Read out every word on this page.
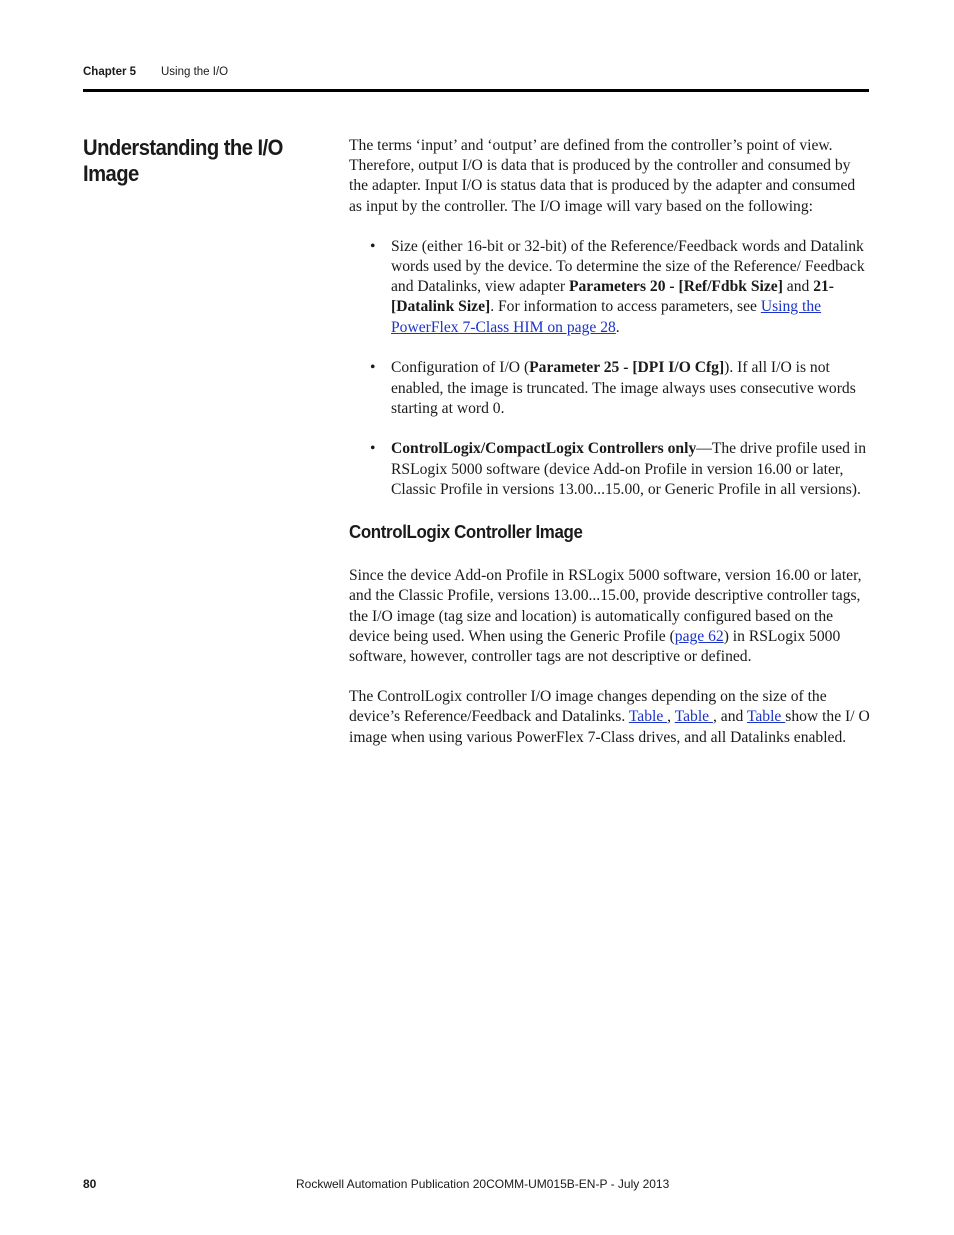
Chapter 5 Using the I/O
Understanding the I/O Image

The terms ‘input’ and ‘output’ are defined from the controller’s point of view. Therefore, output I/O is data that is produced by the controller and consumed by the adapter. Input I/O is status data that is produced by the adapter and consumed as input by the controller. The I/O image will vary based on the following:

• Size (either 16-bit or 32-bit) of the Reference/Feedback words and Datalink words used by the device. To determine the size of the Reference/ Feedback and Datalinks, view adapter Parameters 20 - [Ref/Fdbk Size] and 21- [Datalink Size]. For information to access parameters, see Using the PowerFlex 7-Class HIM on page 28.
• Configuration of I/O (Parameter 25 - [DPI I/O Cfg]). If all I/O is not enabled, the image is truncated. The image always uses consecutive words starting at word 0.
• ControlLogix/CompactLogix Controllers only—The drive profile used in RSLogix 5000 software (device Add-on Profile in version 16.00 or later, Classic Profile in versions 13.00...15.00, or Generic Profile in all versions).
ControlLogix Controller Image

Since the device Add-on Profile in RSLogix 5000 software, version 16.00 or later, and the Classic Profile, versions 13.00...15.00, provide descriptive controller tags, the I/O image (tag size and location) is automatically configured based on the device being used. When using the Generic Profile (page 62) in RSLogix 5000 software, however, controller tags are not descriptive or defined.

The ControlLogix controller I/O image changes depending on the size of the device’s Reference/Feedback and Datalinks. Table , Table , and Table show the I/ O image when using various PowerFlex 7-Class drives, and all Datalinks enabled.

80	Rockwell Automation Publication 20COMM-UM015B-EN-P - July 2013
